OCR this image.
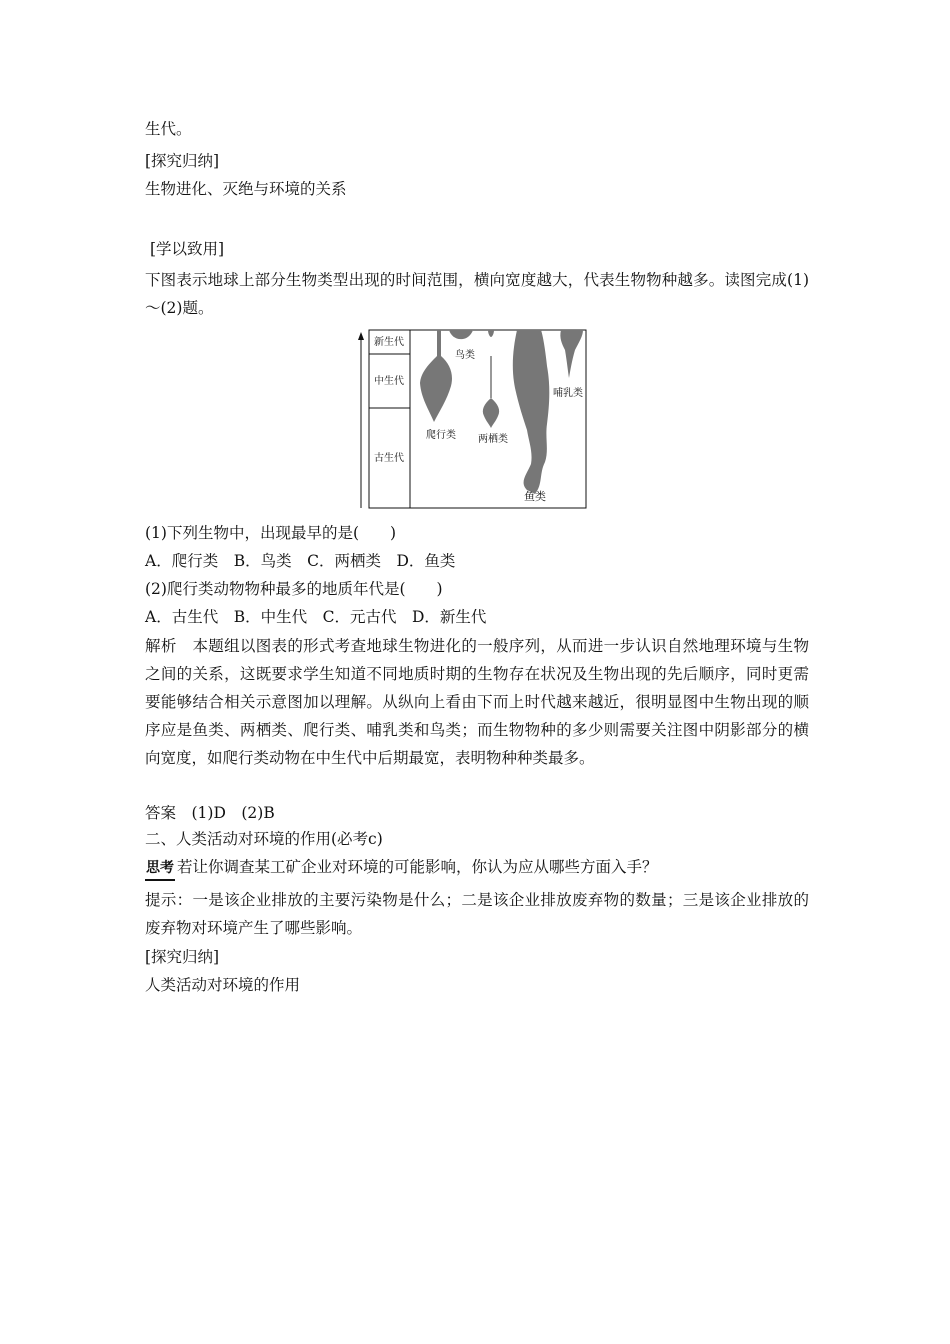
生代。
[探究归纳]
生物进化、灭绝与环境的关系
[学以致用]
下图表示地球上部分生物类型出现的时间范围，横向宽度越大，代表生物物种越多。读图完成(1)～(2)题。
新生代
中生代
古生代
鸟类
爬行类 两栖类
哺乳类
鱼类
(1)下列生物中，出现最早的是(　　)
A．爬行类　B．鸟类　C．两栖类　D．鱼类
(2)爬行类动物物种最多的地质年代是(　　)
A．古生代　B．中生代　C．元古代　D．新生代
解析　本题组以图表的形式考查地球生物进化的一般序列，从而进一步认识自然地理环境与生物之间的关系，这既要求学生知道不同地质时期的生物存在状况及生物出现的先后顺序，同时更需要能够结合相关示意图加以理解。从纵向上看由下而上时代越来越近，很明显图中生物出现的顺序应是鱼类、两栖类、爬行类、哺乳类和鸟类；而生物物种的多少则需要关注图中阴影部分的横向宽度，如爬行类动物在中生代中后期最宽，表明物种种类最多。
答案　(1)D　(2)B
二、人类活动对环境的作用(必考c)
思考 若让你调查某工矿企业对环境的可能影响，你认为应从哪些方面入手？
提示：一是该企业排放的主要污染物是什么；二是该企业排放废弃物的数量；三是该企业排放的废弃物对环境产生了哪些影响。
[探究归纳]
人类活动对环境的作用
